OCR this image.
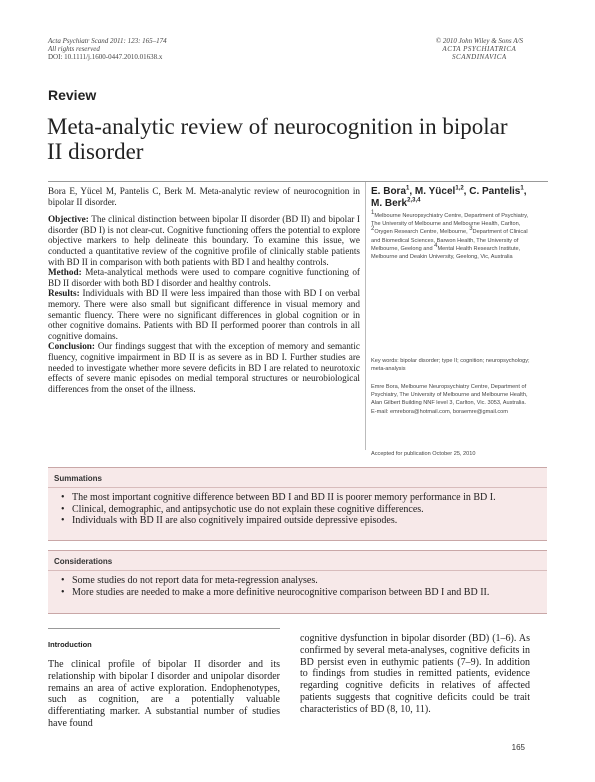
Acta Psychiatr Scand 2011: 123: 165–174
All rights reserved
DOI: 10.1111/j.1600-0447.2010.01638.x
© 2010 John Wiley & Sons A/S
ACTA PSYCHIATRICA
SCANDINAVICA
Review
Meta-analytic review of neurocognition in bipolar II disorder

Bora E, Yücel M, Pantelis C, Berk M. Meta-analytic review of neurocognition in bipolar II disorder.

Objective: The clinical distinction between bipolar II disorder (BD II) and bipolar I disorder (BD I) is not clear-cut. Cognitive functioning offers the potential to explore objective markers to help delineate this boundary. To examine this issue, we conducted a quantitative review of the cognitive profile of clinically stable patients with BD II in comparison with both patients with BD I and healthy controls.
Method: Meta-analytical methods were used to compare cognitive functioning of BD II disorder with both BD I disorder and healthy controls.
Results: Individuals with BD II were less impaired than those with BD I on verbal memory. There were also small but significant difference in visual memory and semantic fluency. There were no significant differences in global cognition or in other cognitive domains. Patients with BD II performed poorer than controls in all cognitive domains.
Conclusion: Our findings suggest that with the exception of memory and semantic fluency, cognitive impairment in BD II is as severe as in BD I. Further studies are needed to investigate whether more severe deficits in BD I are related to neurotoxic effects of severe manic episodes on medial temporal structures or neurobiological differences from the onset of the illness.
E. Bora$^1$, M. Yücel$^{1,2}$, C. Pantelis$^1$, M. Berk$^{2,3,4}$
$^1$Melbourne Neuropsychiatry Centre, Department of Psychiatry, The University of Melbourne and Melbourne Health, Carlton, $^2$Orygen Research Centre, Melbourne, $^3$Department of Clinical and Biomedical Sciences, Barwon Health, The University of Melbourne, Geelong and $^4$Mental Health Research Institute, Melbourne and Deakin University, Geelong, Vic, Australia
Key words: bipolar disorder; type II; cognition; neuropsychology; meta-analysis
Emre Bora, Melbourne Neuropsychiatry Centre, Department of Psychiatry, The University of Melbourne and Melbourne Health, Alan Gilbert Building NNF level 3, Carlton, Vic. 3053, Australia.
E-mail: emrebora@hotmail.com, boraemre@gmail.com
Accepted for publication October 25, 2010
Summations
• The most important cognitive difference between BD I and BD II is poorer memory performance in BD I.
• Clinical, demographic, and antipsychotic use do not explain these cognitive differences.
• Individuals with BD II are also cognitively impaired outside depressive episodes.
Considerations
• Some studies do not report data for meta-regression analyses.
• More studies are needed to make a more definitive neurocognitive comparison between BD I and BD II.
Introduction
The clinical profile of bipolar II disorder and its relationship with bipolar I disorder and unipolar disorder remains an area of active exploration. Endophenotypes, such as cognition, are a potentially valuable differentiating marker. A substantial number of studies have found
cognitive dysfunction in bipolar disorder (BD) (1–6). As confirmed by several meta-analyses, cognitive deficits in BD persist even in euthymic patients (7–9). In addition to findings from studies in remitted patients, evidence regarding cognitive deficits in relatives of affected patients suggests that cognitive deficits could be trait characteristics of BD (8, 10, 11).
165
